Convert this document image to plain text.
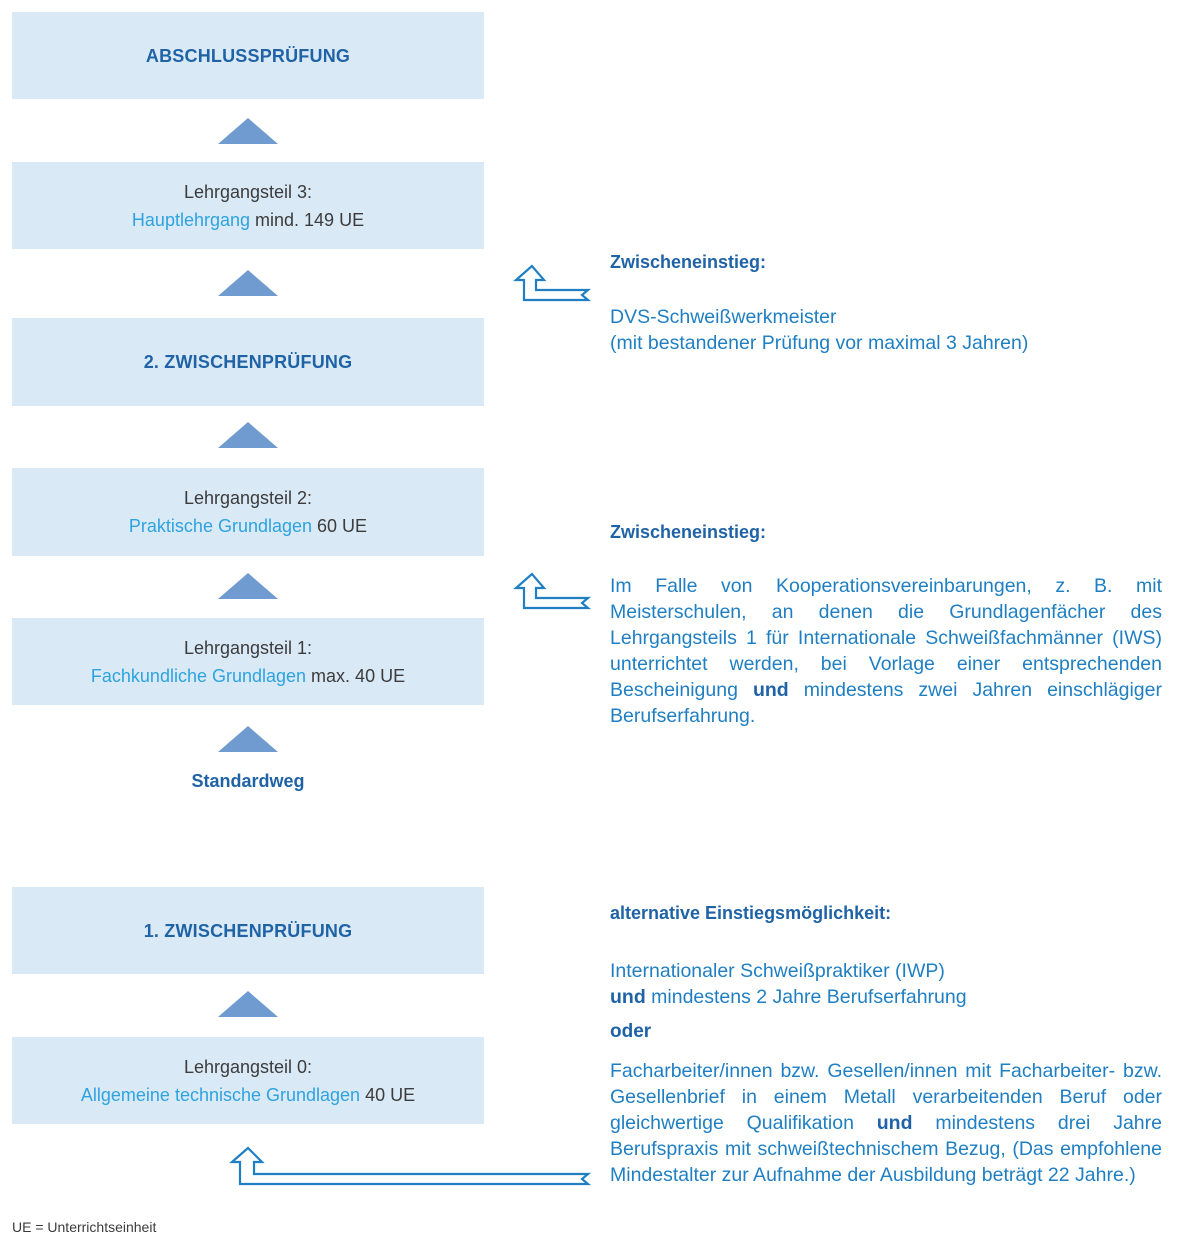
ABSCHLUSSPRÜFUNG
Lehrgangsteil 3:
Hauptlehrgang mind. 149 UE
2. ZWISCHENPRÜFUNG
Lehrgangsteil 2:
Praktische Grundlagen 60 UE
Lehrgangsteil 1:
Fachkundliche Grundlagen max. 40 UE
1. ZWISCHENPRÜFUNG
Lehrgangsteil 0:
Allgemeine technische Grundlagen 40 UE
Standardweg
Zwischeneinstieg:
DVS-Schweißwerkmeister
(mit bestandener Prüfung vor maximal 3 Jahren)
Zwischeneinstieg:
Im Falle von Kooperationsvereinbarungen, z. B. mit Meisterschulen, an denen die Grundlagenfächer des Lehrgangsteils 1 für Internationale Schweißfachmänner (IWS) unterrichtet werden, bei Vorlage einer entsprechenden Bescheinigung und mindestens zwei Jahren einschlägiger Berufserfahrung.
alternative Einstiegsmöglichkeit:
Internationaler Schweißpraktiker (IWP)
und mindestens 2 Jahre Berufserfahrung
oder
Facharbeiter/innen bzw. Gesellen/innen mit Facharbeiter- bzw. Gesellenbrief in einem Metall verarbeitenden Beruf oder gleichwertige Qualifikation und mindestens drei Jahre Berufspraxis mit schweißtechnischem Bezug, (Das empfohlene Mindestalter zur Aufnahme der Ausbildung beträgt 22 Jahre.)
UE = Unterrichtseinheit
